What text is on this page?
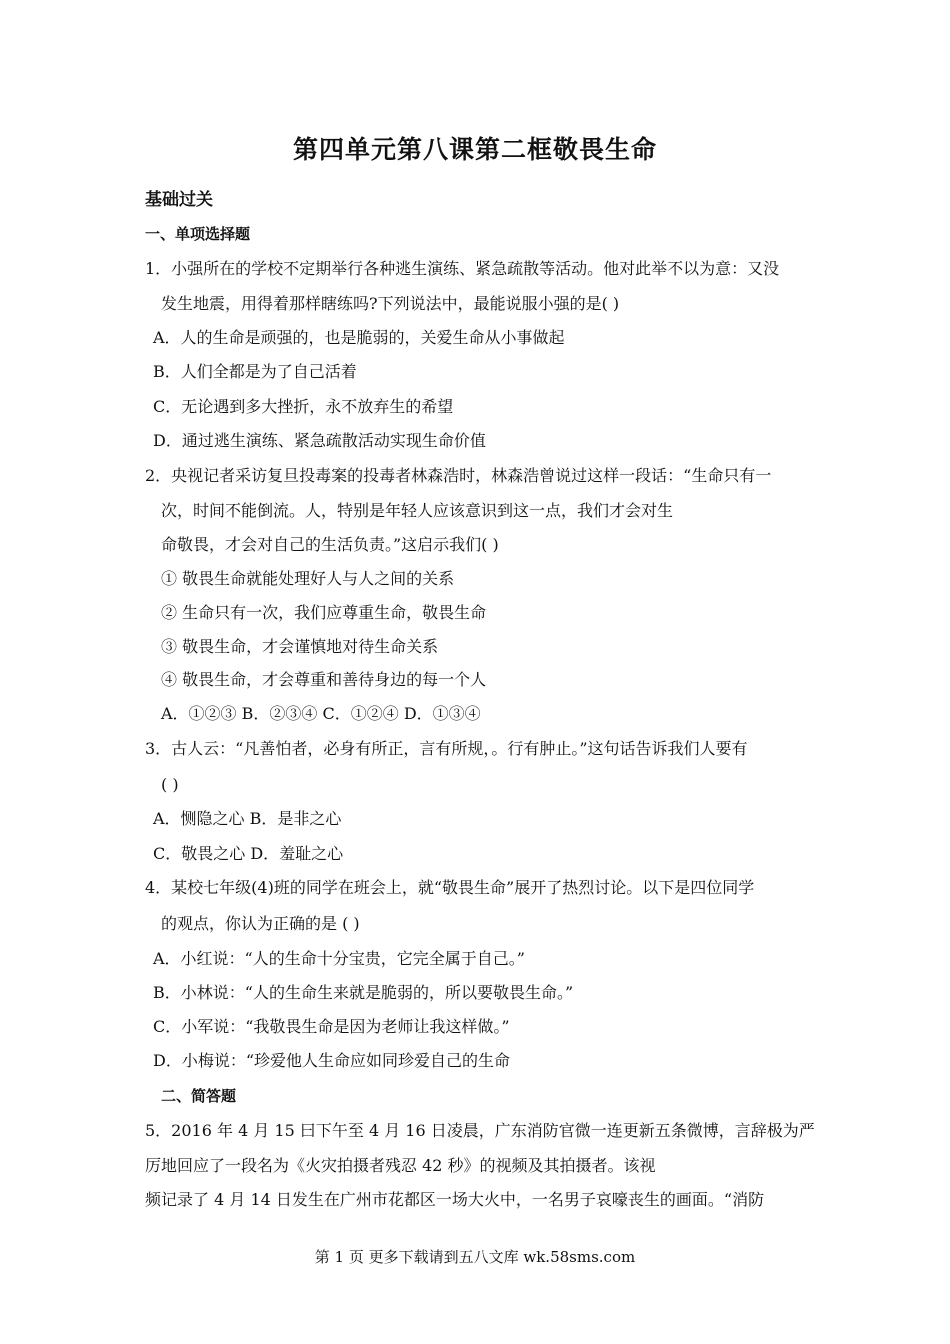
第四单元第八课第二框敬畏生命
基础过关
一、单项选择题
1．小强所在的学校不定期举行各种逃生演练、紧急疏散等活动。他对此举不以为意：又没
发生地震，用得着那样瞎练吗?下列说法中，最能说服小强的是( )
A．人的生命是顽强的，也是脆弱的，关爱生命从小事做起
B．人们全都是为了自己活着
C．无论遇到多大挫折，永不放弃生的希望
D．通过逃生演练、紧急疏散活动实现生命价值
2．央视记者采访复旦投毒案的投毒者林森浩时，林森浩曾说过这样一段话：“生命只有一
次，时间不能倒流。人，特别是年轻人应该意识到这一点，我们才会对生
命敬畏，才会对自己的生活负责。”这启示我们( )
① 敬畏生命就能处理好人与人之间的关系
② 生命只有一次，我们应尊重生命，敬畏生命
③ 敬畏生命，才会谨慎地对待生命关系
④ 敬畏生命，才会尊重和善待身边的每一个人
A．①②③ B．②③④ C．①②④ D．①③④
3．古人云：“凡善怕者，必身有所正，言有所规，。行有肿止。”这句话告诉我们人要有
( )
A．恻隐之心 B．是非之心
C．敬畏之心 D．羞耻之心
4．某校七年级(4)班的同学在班会上，就“敬畏生命”展开了热烈讨论。以下是四位同学
的观点，你认为正确的是 ( )
A．小红说：“人的生命十分宝贵，它完全属于自己。”
B．小林说：“人的生命生来就是脆弱的，所以要敬畏生命。”
C．小军说：“我敬畏生命是因为老师让我这样做。”
D．小梅说：“珍爱他人生命应如同珍爱自己的生命
二、简答题
5．2016 年 4 月 15 曰下午至 4 月 16 日凌晨，广东消防官微一连更新五条微博，言辞极为严
厉地回应了一段名为《火灾拍摄者残忍 42 秒》的视频及其拍摄者。该视
频记录了 4 月 14 日发生在广州市花都区一场大火中，一名男子哀嚎丧生的画面。“消防
第 1 页 更多下载请到五八文库 wk.58sms.com
